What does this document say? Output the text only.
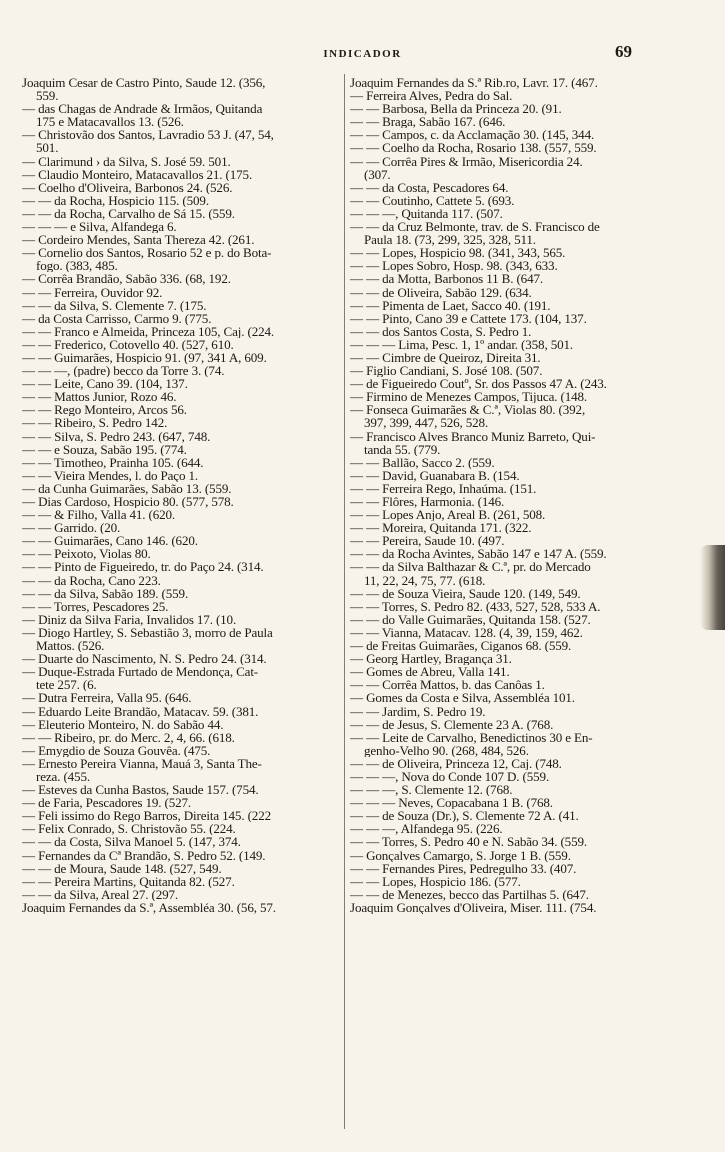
INDICADOR	69
Joaquim Cesar de Castro Pinto, Saude 12. (356,
559.
— das Chagas de Andrade & Irmãos, Quitanda
175 e Matacavallos 13. (526.
— Christovão dos Santos, Lavradio 53 J. (47, 54,
501.
— Clarimund › da Silva, S. José 59. 501.
— Claudio Monteiro, Matacavallos 21. (175.
— Coelho d'Oliveira, Barbonos 24. (526.
— — da Rocha, Hospicio 115. (509.
— — da Rocha, Carvalho de Sá 15. (559.
— — — e Silva, Alfandega 6.
— Cordeiro Mendes, Santa Thereza 42. (261.
— Cornelio dos Santos, Rosario 52 e p. do Bota-
fogo. (383, 485.
— Corrêa Brandão, Sabão 336. (68, 192.
— — Ferreira, Ouvidor 92.
— — da Silva, S. Clemente 7. (175.
— da Costa Carrisso, Carmo 9. (775.
— — Franco e Almeida, Princeza 105, Caj. (224.
— — Frederico, Cotovello 40. (527, 610.
— — Guimarães, Hospicio 91. (97, 341 A, 609.
— — —, (padre) becco da Torre 3. (74.
— — Leite, Cano 39. (104, 137.
— — Mattos Junior, Rozo 46.
— — Rego Monteiro, Arcos 56.
— — Ribeiro, S. Pedro 142.
— — Silva, S. Pedro 243. (647, 748.
— — e Souza, Sabão 195. (774.
— — Timotheo, Prainha 105. (644.
— — Vieira Mendes, l. do Paço 1.
— da Cunha Guimarães, Sabão 13. (559.
— Dias Cardoso, Hospicio 80. (577, 578.
— — & Filho, Valla 41. (620.
— — Garrido. (20.
— — Guimarães, Cano 146. (620.
— — Peixoto, Violas 80.
— — Pinto de Figueiredo, tr. do Paço 24. (314.
— — da Rocha, Cano 223.
— — da Silva, Sabão 189. (559.
— — Torres, Pescadores 25.
— Diniz da Silva Faria, Invalidos 17. (10.
— Diogo Hartley, S. Sebastião 3, morro de Paula
Mattos. (526.
— Duarte do Nascimento, N. S. Pedro 24. (314.
— Duque-Estrada Furtado de Mendonça, Cat-
tete 257. (6.
— Dutra Ferreira, Valla 95. (646.
— Eduardo Leite Brandão, Matacav. 59. (381.
— Eleuterio Monteiro, N. do Sabão 44.
— — Ribeiro, pr. do Merc. 2, 4, 66. (618.
— Emygdio de Souza Gouvêa. (475.
— Ernesto Pereira Vianna, Mauá 3, Santa The-
reza. (455.
— Esteves da Cunha Bastos, Saude 157. (754.
— de Faria, Pescadores 19. (527.
— Feli issimo do Rego Barros, Direita 145. (222
— Felix Conrado, S. Christovão 55. (224.
— — da Costa, Silva Manoel 5. (147, 374.
— Fernandes da Cª Brandão, S. Pedro 52. (149.
— — de Moura, Saude 148. (527, 549.
— — Pereira Martins, Quitanda 82. (527.
— — da Silva, Areal 27. (297.
Joaquim Fernandes da S.ª, Assembléa 30. (56, 57.
Joaquim Fernandes da S.ª Rib.ro, Lavr. 17. (467.
— Ferreira Alves, Pedra do Sal.
— — Barbosa, Bella da Princeza 20. (91.
— — Braga, Sabão 167. (646.
— — Campos, c. da Acclamação 30. (145, 344.
— — Coelho da Rocha, Rosario 138. (557, 559.
— — Corrêa Pires & Irmão, Misericordia 24.
(307.
— — da Costa, Pescadores 64.
— — Coutinho, Cattete 5. (693.
— — —, Quitanda 117. (507.
— — da Cruz Belmonte, trav. de S. Francisco de
Paula 18. (73, 299, 325, 328, 511.
— — Lopes, Hospicio 98. (341, 343, 565.
— — Lopes Sobro, Hosp. 98. (343, 633.
— — da Motta, Barbonos 11 B. (647.
— — de Oliveira, Sabão 129. (634.
— — Pimenta de Laet, Sacco 40. (191.
— — Pinto, Cano 39 e Cattete 173. (104, 137.
— — dos Santos Costa, S. Pedro 1.
— — — Lima, Pesc. 1, 1º andar. (358, 501.
— — Cimbre de Queiroz, Direita 31.
— Figlio Candiani, S. José 108. (507.
— de Figueiredo Coutº, Sr. dos Passos 47 A. (243.
— Firmino de Menezes Campos, Tijuca. (148.
— Fonseca Guimarães & C.ª, Violas 80. (392,
397, 399, 447, 526, 528.
— Francisco Alves Branco Muniz Barreto, Qui-
tanda 55. (779.
— — Ballão, Sacco 2. (559.
— — David, Guanabara B. (154.
— — Ferreira Rego, Inhaúma. (151.
— — Flôres, Harmonia. (146.
— — Lopes Anjo, Areal B. (261, 508.
— — Moreira, Quitanda 171. (322.
— — Pereira, Saude 10. (497.
— — da Rocha Avintes, Sabão 147 e 147 A. (559.
— — da Silva Balthazar & C.ª, pr. do Mercado
11, 22, 24, 75, 77. (618.
— — de Souza Vieira, Saude 120. (149, 549.
— — Torres, S. Pedro 82. (433, 527, 528, 533 A.
— — do Valle Guimarães, Quitanda 158. (527.
— — Vianna, Matacav. 128. (4, 39, 159, 462.
— de Freitas Guimarães, Ciganos 68. (559.
— Georg Hartley, Bragança 31.
— Gomes de Abreu, Valla 141.
— — Corrêa Mattos, b. das Canôas 1.
— Gomes da Costa e Silva, Assembléa 101.
— — Jardim, S. Pedro 19.
— — de Jesus, S. Clemente 23 A. (768.
— — Leite de Carvalho, Benedictinos 30 e En-
genho-Velho 90. (268, 484, 526.
— — de Oliveira, Princeza 12, Caj. (748.
— — —, Nova do Conde 107 D. (559.
— — —, S. Clemente 12. (768.
— — — Neves, Copacabana 1 B. (768.
— — de Souza (Dr.), S. Clemente 72 A. (41.
— — —, Alfandega 95. (226.
— — Torres, S. Pedro 40 e N. Sabão 34. (559.
— Gonçalves Camargo, S. Jorge 1 B. (559.
— — Fernandes Pires, Pedregulho 33. (407.
— — Lopes, Hospicio 186. (577.
— — de Menezes, becco das Partilhas 5. (647.
Joaquim Gonçalves d'Oliveira, Miser. 111. (754.
